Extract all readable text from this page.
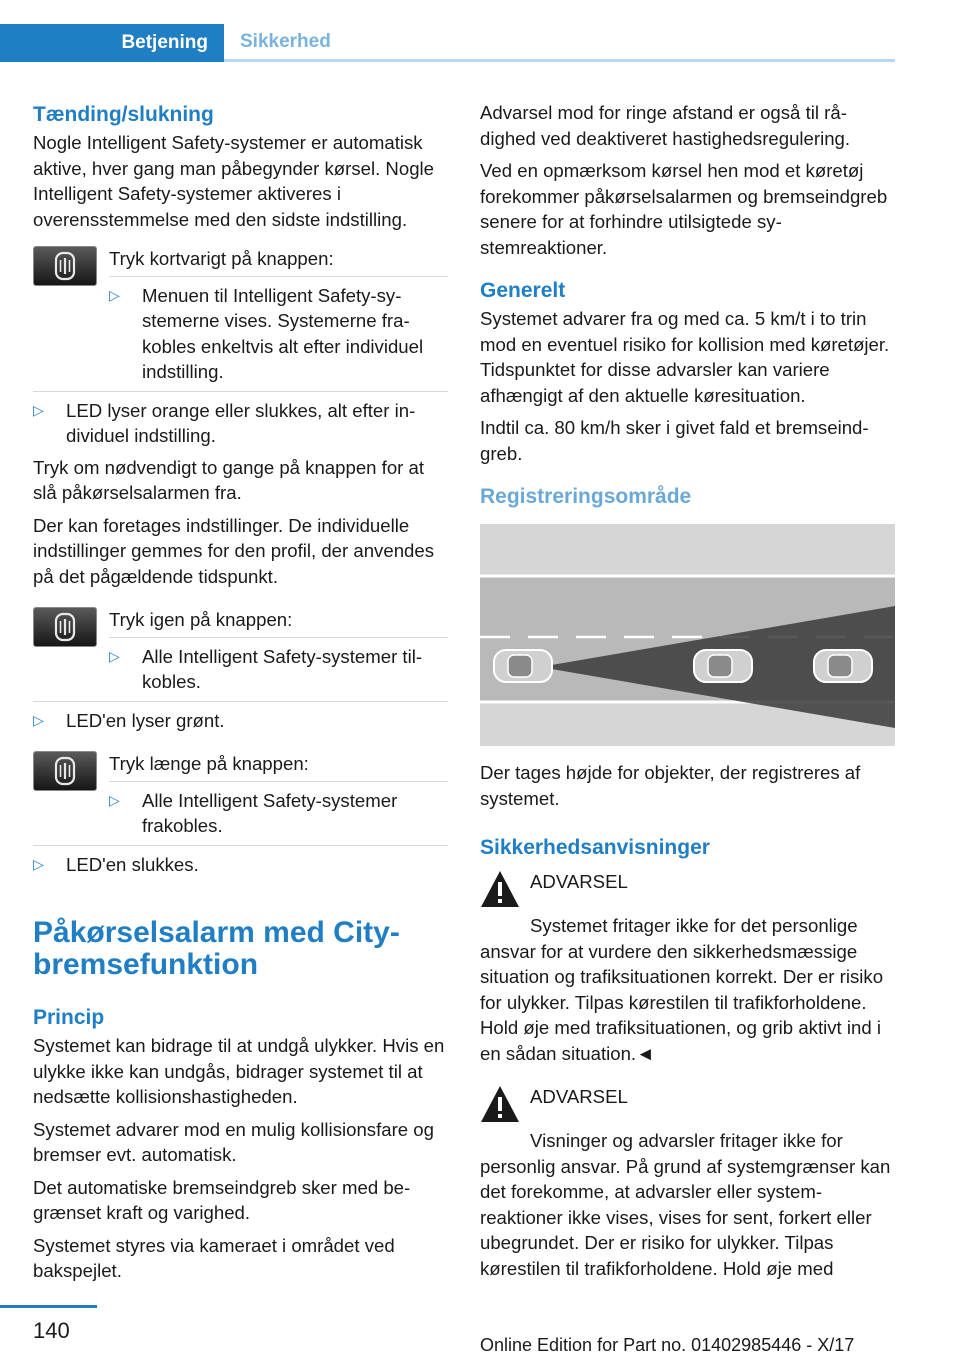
Betjening	Sikkerhed
Tænding/slukning

Nogle Intelligent Safety-systemer er automatisk aktive, hver gang man påbegynder kørsel. Nogle Intelligent Safety-systemer aktiveres i overensstemmelse med den sidste indstilling.

Tryk kortvarigt på knappen:

▷	Menuen til Intelligent Safety-systemerne vises. Systemerne frakobles enkeltvis alt efter individuel indstilling.
▷	LED lyser orange eller slukkes, alt efter individuel indstilling.

Tryk om nødvendigt to gange på knappen for at slå påkørselsalarmen fra.

Der kan foretages indstillinger. De individuelle indstillinger gemmes for den profil, der anvendes på det pågældende tidspunkt.

Tryk igen på knappen:

▷	Alle Intelligent Safety-systemer tilkobles.
▷	LED'en lyser grønt.

Tryk længe på knappen:

▷	Alle Intelligent Safety-systemer frakobles.
▷	LED'en slukkes.
Påkørselsalarm med Citybremsefunktion
Princip

Systemet kan bidrage til at undgå ulykker. Hvis en ulykke ikke kan undgås, bidrager systemet til at nedsætte kollisionshastigheden.

Systemet advarer mod en mulig kollisionsfare og bremser evt. automatisk.

Det automatiske bremseindgreb sker med begrænset kraft og varighed.

Systemet styres via kameraet i området ved bakspejlet.

Advarsel mod for ringe afstand er også til rådighed ved deaktiveret hastighedsregulering.

Ved en opmærksom kørsel hen mod et køretøj forekommer påkørselsalarmen og bremseindgreb senere for at forhindre utilsigtede systemreaktioner.

Generelt

Systemet advarer fra og med ca. 5 km/t i to trin mod en eventuel risiko for kollision med køretøjer. Tidspunktet for disse advarsler kan variere afhængigt af den aktuelle køresituation.

Indtil ca. 80 km/h sker i givet fald et bremseindgreb.

Registreringsområde

Der tages højde for objekter, der registreres af systemet.

Sikkerhedsanvisninger
ADVARSEL

Systemet fritager ikke for det personlige ansvar for at vurdere den sikkerhedsmæssige situation og trafiksituationen korrekt. Der er risiko for ulykker. Tilpas kørestilen til trafikforholdene. Hold øje med trafiksituationen, og grib aktivt ind i en sådan situation.◄

ADVARSEL

Visninger og advarsler fritager ikke for personlig ansvar. På grund af systemgrænser kan det forekomme, at advarsler eller systemreaktioner ikke vises, vises for sent, forkert eller ubegrundet. Der er risiko for ulykker. Tilpas kørestilen til trafikforholdene. Hold øje med

140
Online Edition for Part no. 01402985446 - X/17
